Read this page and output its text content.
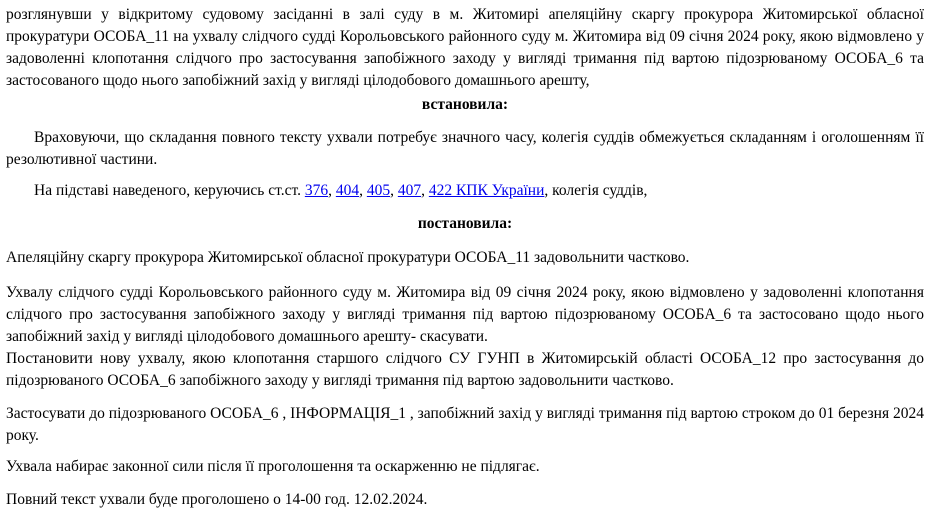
розглянувши у відкритому судовому засіданні в залі суду в м. Житомирі апеляційну скаргу прокурора Житомирської обласної прокуратури ОСОБА_11 на ухвалу слідчого судді Корольовського районного суду м. Житомира від 09 січня 2024 року, якою відмовлено у задоволенні клопотання слідчого про застосування запобіжного заходу у вигляді тримання під вартою підозрюваному ОСОБА_6 та застосованого щодо нього запобіжний захід у вигляді цілодобового домашнього арешту,

встановила:

Враховуючи, що складання повного тексту ухвали потребує значного часу, колегія суддів обмежується складанням і оголошенням її резолютивної частини.

На підставі наведеного, керуючись ст.ст. 376, 404, 405, 407, 422 КПК України, колегія суддів,

постановила:

Апеляційну скаргу прокурора Житомирської обласної прокуратури ОСОБА_11 задовольнити частково.

Ухвалу слідчого судді Корольовського районного суду м. Житомира від 09 січня 2024 року, якою відмовлено у задоволенні клопотання слідчого про застосування запобіжного заходу у вигляді тримання під вартою підозрюваному ОСОБА_6 та застосовано щодо нього запобіжний захід у вигляді цілодобового домашнього арешту- скасувати.

Постановити нову ухвалу, якою клопотання старшого слідчого СУ ГУНП в Житомирській області ОСОБА_12 про застосування до підозрюваного ОСОБА_6 запобіжного заходу у вигляді тримання під вартою задовольнити частково.

Застосувати до підозрюваного ОСОБА_6 , ІНФОРМАЦІЯ_1 , запобіжний захід у вигляді тримання під вартою строком до 01 березня 2024 року.

Ухвала набирає законної сили після її проголошення та оскарженню не підлягає.

Повний текст ухвали буде проголошено о 14-00 год. 12.02.2024.
